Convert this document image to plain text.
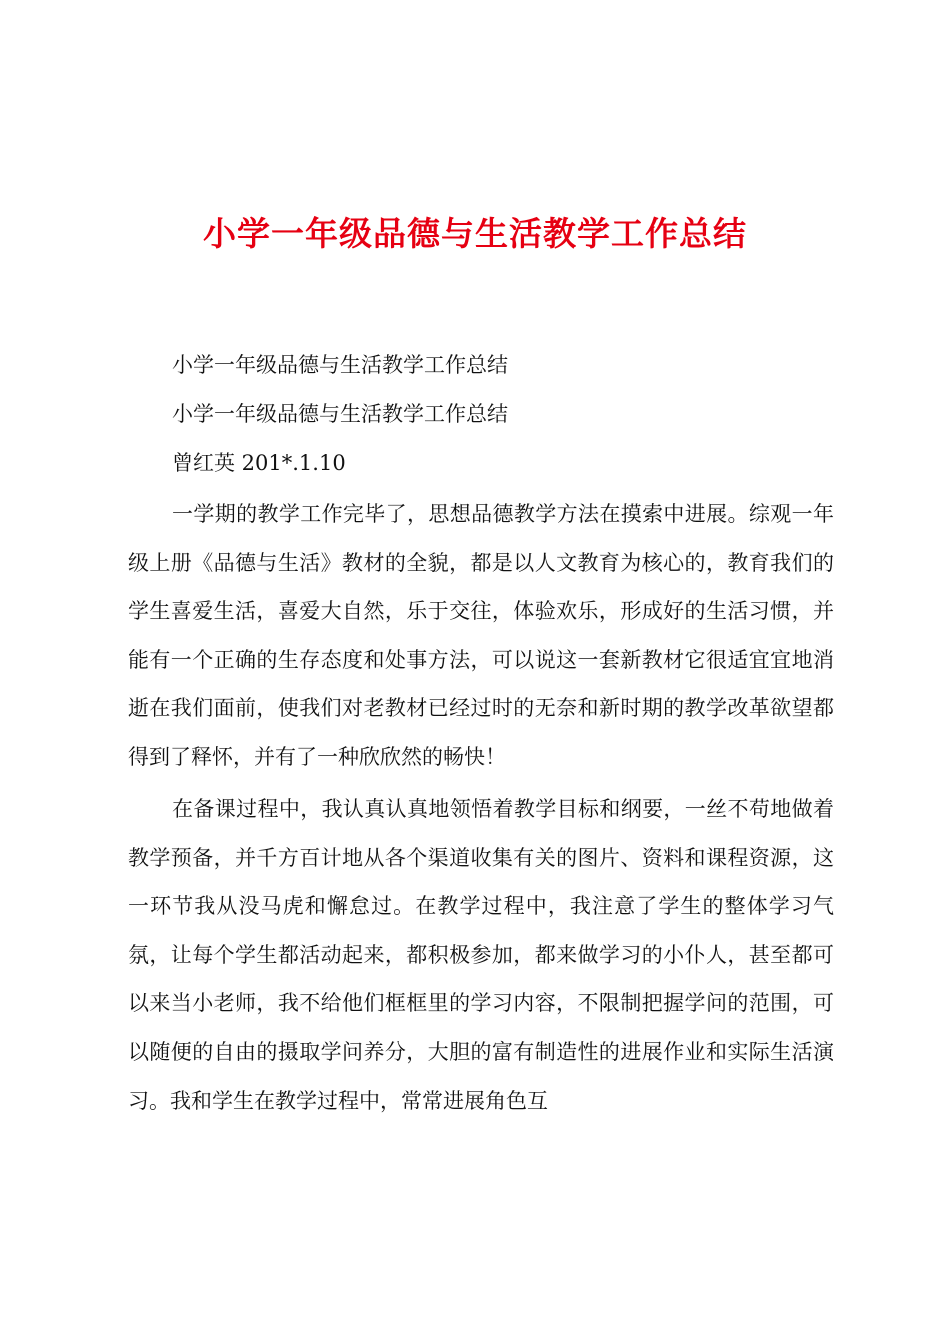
小学一年级品德与生活教学工作总结
小学一年级品德与生活教学工作总结
小学一年级品德与生活教学工作总结
曾红英 201*.1.10

一学期的教学工作完毕了，思想品德教学方法在摸索中进展。综观一年级上册《品德与生活》教材的全貌，都是以人文教育为核心的，教育我们的学生喜爱生活，喜爱大自然，乐于交往，体验欢乐，形成好的生活习惯，并能有一个正确的生存态度和处事方法，可以说这一套新教材它很适宜宜地消逝在我们面前，使我们对老教材已经过时的无奈和新时期的教学改革欲望都得到了释怀，并有了一种欣欣然的畅快！

在备课过程中，我认真认真地领悟着教学目标和纲要，一丝不苟地做着教学预备，并千方百计地从各个渠道收集有关的图片、资料和课程资源，这一环节我从没马虎和懈怠过。在教学过程中，我注意了学生的整体学习气氛，让每个学生都活动起来，都积极参加，都来做学习的小仆人，甚至都可以来当小老师，我不给他们框框里的学习内容，不限制把握学问的范围，可以随便的自由的摄取学问养分，大胆的富有制造性的进展作业和实际生活演习。我和学生在教学过程中，常常进展角色互
